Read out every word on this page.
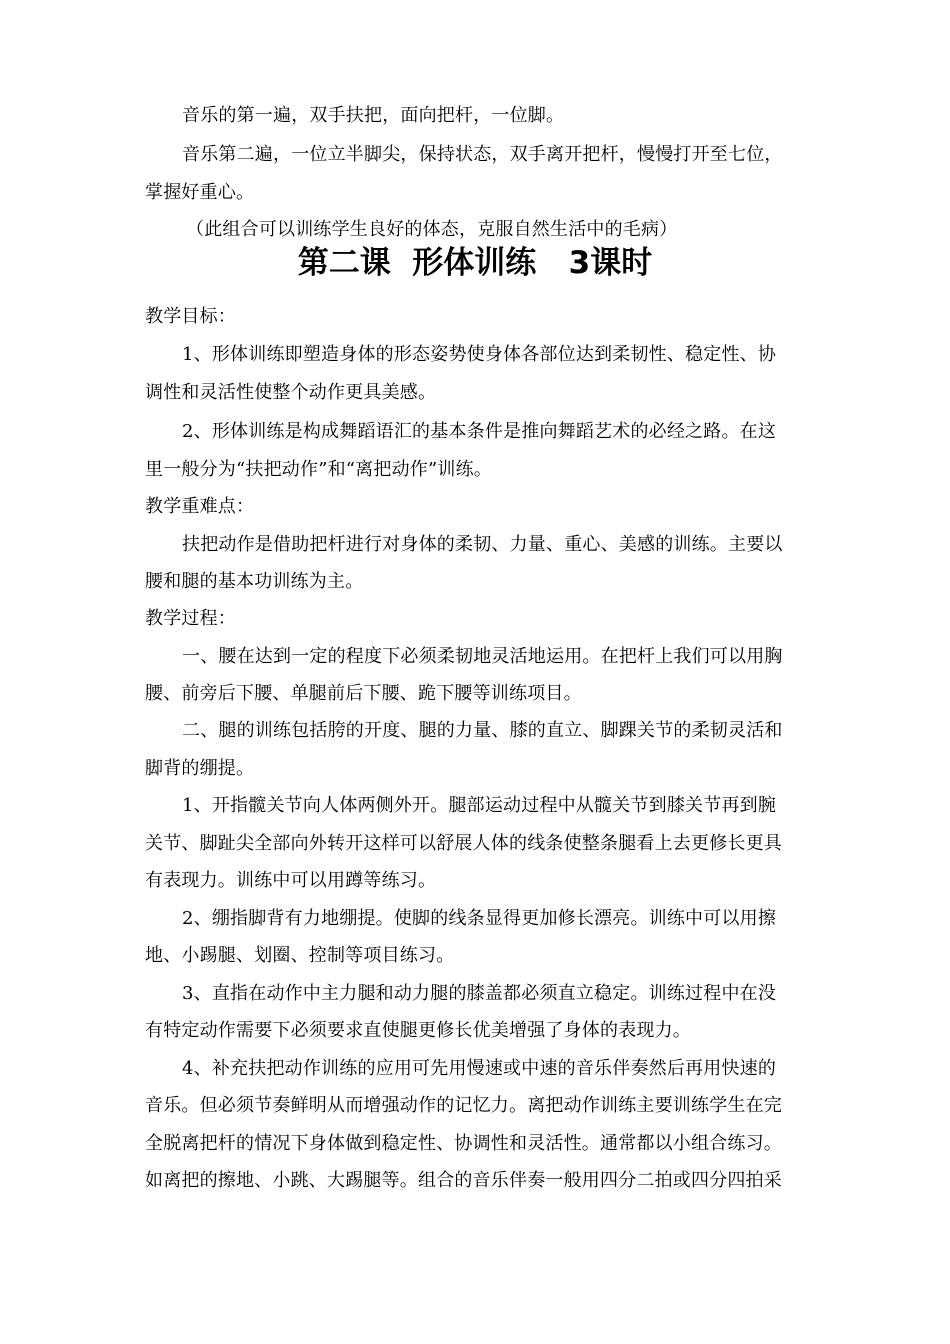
音乐的第一遍，双手扶把，面向把杆，一位脚。
音乐第二遍，一位立半脚尖，保持状态，双手离开把杆，慢慢打开至七位，
掌握好重心。
（此组合可以训练学生良好的体态，克服自然生活中的毛病）
第二课  形体训练   3课时
教学目标：
1、形体训练即塑造身体的形态姿势使身体各部位达到柔韧性、稳定性、协
调性和灵活性使整个动作更具美感。
2、形体训练是构成舞蹈语汇的基本条件是推向舞蹈艺术的必经之路。在这
里一般分为“扶把动作”和“离把动作”训练。
教学重难点：
扶把动作是借助把杆进行对身体的柔韧、力量、重心、美感的训练。主要以
腰和腿的基本功训练为主。
教学过程：
一、腰在达到一定的程度下必须柔韧地灵活地运用。在把杆上我们可以用胸
腰、前旁后下腰、单腿前后下腰、跪下腰等训练项目。
二、腿的训练包括胯的开度、腿的力量、膝的直立、脚踝关节的柔韧灵活和
脚背的绷提。
1、开指髋关节向人体两侧外开。腿部运动过程中从髋关节到膝关节再到腕
关节、脚趾尖全部向外转开这样可以舒展人体的线条使整条腿看上去更修长更具
有表现力。训练中可以用蹲等练习。
2、绷指脚背有力地绷提。使脚的线条显得更加修长漂亮。训练中可以用擦
地、小踢腿、划圈、控制等项目练习。
3、直指在动作中主力腿和动力腿的膝盖都必须直立稳定。训练过程中在没
有特定动作需要下必须要求直使腿更修长优美增强了身体的表现力。
4、补充扶把动作训练的应用可先用慢速或中速的音乐伴奏然后再用快速的
音乐。但必须节奏鲜明从而增强动作的记忆力。离把动作训练主要训练学生在完
全脱离把杆的情况下身体做到稳定性、协调性和灵活性。通常都以小组合练习。
如离把的擦地、小跳、大踢腿等。组合的音乐伴奏一般用四分二拍或四分四拍采
